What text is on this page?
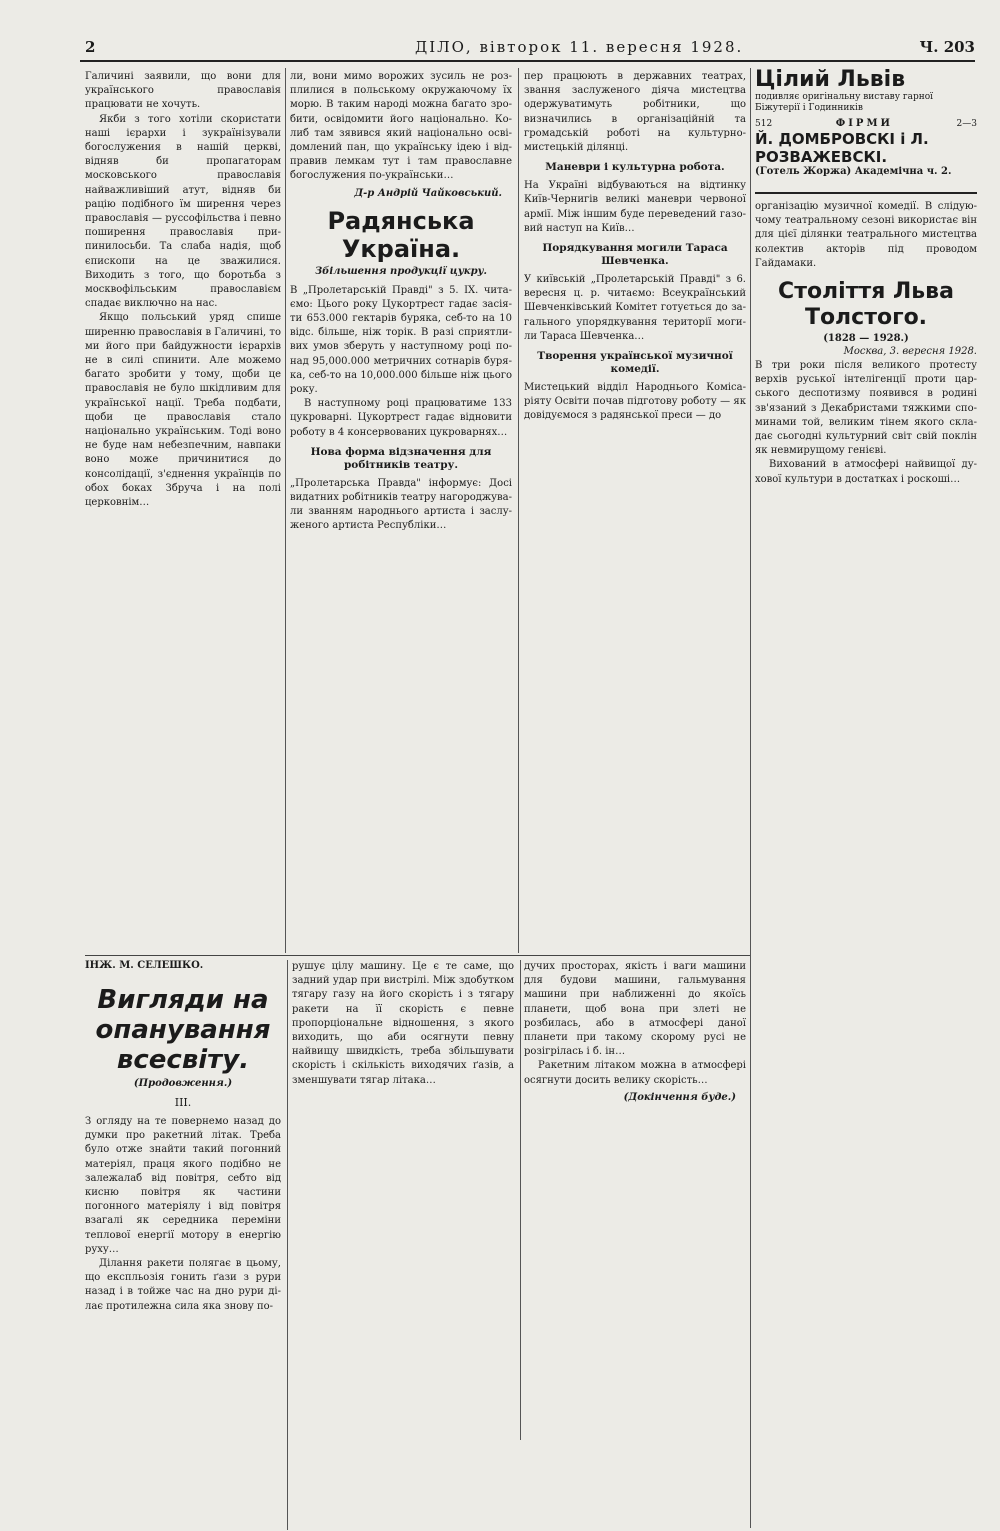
2	ДІЛО, вівторок 11. вересня 1928.	Ч. 203

Галичині заявили, що вони для українського православія працювати не хочуть.

Якби з того хотіли скористати наші ієрархи і зукраїнізували богослужения в нашій церкві, відняв би пропагаторам московського православія найважливіший атут, відняв би рацію подібного їм ширення через православія — руссофільства і певно поширення православія припинилосьби. Та слаба надія, щоб єпископи на це зважилися. Виходить з того, що боротьба з москвофільським православієм спадає виключно на нас.

Якщо польський уряд спише ширенню православія в Галичині, то ми його при байдужности ієрархів не в силі спинити. Але можемо багато зробити у тому, щоби це православія не було шкідливим для української нації. Треба подбати, щоби це православія стало національно українським. Тоді воно не буде нам небезпечним, навпаки воно може причинитися до консолідації, з'єднення українців по обох боках Збруча і на полі церковнім…

ли, вони мимо ворожих зусиль не розплилися в польському окружаючому їх морю. В таким народі можна багато зробити, освідомити його національно. Колиб там зявився який національно освідомлений пан, що українську ідею і відправив лемкам тут і там православне богослужения по-українськи…

Д-р Андрій Чайковський.
Радянська Україна.
Збільшення продукції цукру.

В „Пролетарській Правді" з 5. IX. читаємо: Цього року Цукортрест гадає засіяти 653.000 гектарів буряка, себ-то на 10 відс. більше, ніж торік. В разі сприятливих умов зберуть у наступному році понад 95,000.000 метричних сотнарів буряка, себ-то на 10,000.000 більше ніж цього року.

В наступному році працюватиме 133 цукроварні. Цукортрест гадає відновити роботу в 4 консервованих цукроварнях…

Нова форма відзначення для робітників театру.

„Пролетарська Правда" інформує: Досі видатних робітників театру нагороджували званням народнього артиста і заслуженого артиста Республіки…

пер працюють в державних театрах, звання заслуженого діяча мистецтва одержуватимуть робітники, що визначились в організаційній та громадській роботі на культурно-мистецькій ділянці.

Маневри і культурна робота.

На Україні відбуваються на відтинку Київ-Чернигів великі маневри червоної армії. Між іншим буде переведений газовий наступ на Київ…

Порядкування могили Тараса Шевченка.

У київській „Пролетарській Правді" з 6. вересня ц. р. читаємо: Всеукраїнський Шевченківський Комітет готується до загального упорядкування території могили Тараса Шевченка…

Творення української музичної комедії.

Мистецький відділ Народнього Комісаріяту Освіти почав підготову роботу — як довідуємося з радянської преси — до

Цілий Львів
подивляє оригінальну виставу гарної Біжутерії і Годинників
512	ФІРМИ	2—3
Й. ДОМБРОВСКІ і Л. РОЗВАЖЕВСКІ.
(Готель Жоржа) Академічна ч. 2.

організацію музичної комедії. В слідуючому театральному сезоні використає він для цієї ділянки театрального мистецтва колектив акторів під проводом Гайдамаки.

Століття Льва Толстого.
(1828 — 1928.)
Москва, 3. вересня 1928.

В три роки після великого протесту верхів руської інтелігенції проти царського деспотизму появився в родині зв'язаний з Декабристами тяжкими споминами той, великим тінем якого складає сьогодні культурний світ свій поклін як невмирущому генієві.

Вихований в атмосфері найвищої духової культури в достатках і роскоші…

ІНЖ. М. СЕЛЕШКО.
Вигляди на опанування всесвіту.
(Продовження.)
III.

З огляду на те повернемо назад до думки про ракетний літак. Треба було отже знайти такий погонний матеріял, праця якого подібно не залежалаб від повітря, себто від кисню повітря як частини погонного матеріялу і від повітря взагалі як середника переміни теплової енергії мотору в енергію руху…

Ділання ракети полягає в цьому, що експльозія гонить ґази з рури назад і в тойже час на дно рури ділає протилежна сила яка знову по-

рушує цілу машину. Це є те саме, що задний удар при вистрілі. Між здобутком тягару газу на його скорість і з тягару ракети на її скорість є певне пропорціональне відношення, з якого виходить, що аби осягнути певну найвищу швидкість, треба збільшувати скорість і скількість виходячих ґазів, а зменшувати тягар літака…

дучих просторах, якість і ваги машини для будови машини, гальмування машини при наближенні до якоїсь планети, щоб вона при злеті не розбилась, або в атмосфері даної планети при такому скорому русі не розігрілась і б. ін…

Ракетним літаком можна в атмосфері осягнути досить велику скорість…

(Докінчення буде.)
